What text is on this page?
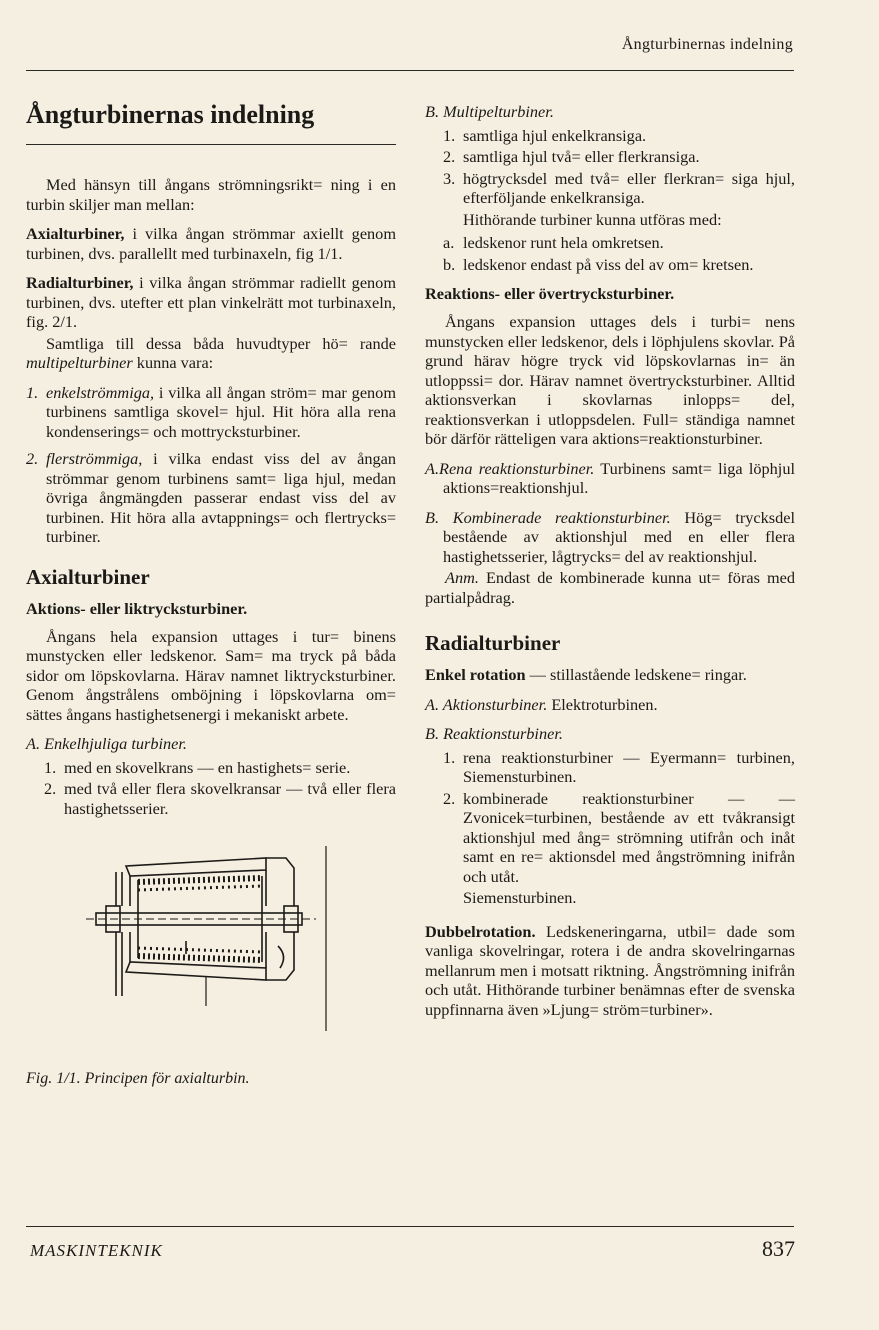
Ångturbinernas indelning
Ångturbinernas indelning

Med hänsyn till ångans strömningsrikt= ning i en turbin skiljer man mellan:

Axialturbiner, i vilka ångan strömmar axiellt genom turbinen, dvs. parallellt med turbinaxeln, fig 1/1.

Radialturbiner, i vilka ångan strömmar radiellt genom turbinen, dvs. utefter ett plan vinkelrätt mot turbinaxeln, fig. 2/1.

Samtliga till dessa båda huvudtyper hö= rande multipelturbiner kunna vara:

1. enkelströmmiga, i vilka all ångan ström= mar genom turbinens samtliga skovel= hjul. Hit höra alla rena kondenserings= och mottrycksturbiner.
2. flerströmmiga, i vilka endast viss del av ångan strömmar genom turbinens samt= liga hjul, medan övriga ångmängden passerar endast viss del av turbinen. Hit höra alla avtappnings= och flertrycks= turbiner.
Axialturbiner
Aktions- eller liktrycksturbiner.

Ångans hela expansion uttages i tur= binens munstycken eller ledskenor. Sam= ma tryck på båda sidor om löpskovlarna. Härav namnet liktrycksturbiner. Genom ångstrålens omböjning i löpskovlarna om= sättes ångans hastighetsenergi i mekaniskt arbete.

A. Enkelhjuliga turbiner.
1. med en skovelkrans — en hastighets= serie.
2. med två eller flera skovelkransar — två eller flera hastighetsserier.
Fig. 1/1. Principen för axialturbin.
B. Multipelturbiner.
1. samtliga hjul enkelkransiga.
2. samtliga hjul två= eller flerkransiga.
3. högtrycksdel med två= eller flerkran= siga hjul, efterföljande enkelkransiga.
Hithörande turbiner kunna utföras med:
a. ledskenor runt hela omkretsen.
b. ledskenor endast på viss del av om= kretsen.
Reaktions- eller övertrycksturbiner.

Ångans expansion uttages dels i turbi= nens munstycken eller ledskenor, dels i löphjulens skovlar. På grund härav högre tryck vid löpskovlarnas in= än utloppssi= dor. Härav namnet övertrycksturbiner. Alltid aktionsverkan i skovlarnas inlopps= del, reaktionsverkan i utloppsdelen. Full= ständiga namnet bör därför rätteligen vara aktions=reaktionsturbiner.

A.Rena reaktionsturbiner. Turbinens samt= liga löphjul aktions=reaktionshjul.

B. Kombinerade reaktionsturbiner. Hög= trycksdel bestående av aktionshjul med en eller flera hastighetsserier, lågtrycks= del av reaktionshjul.

Anm. Endast de kombinerade kunna ut= föras med partialpådrag.

Radialturbiner

Enkel rotation — stillastående ledskene= ringar.

A. Aktionsturbiner. Elektroturbinen.
B. Reaktionsturbiner.
1. rena reaktionsturbiner — Eyermann= turbinen, Siemensturbinen.
2. kombinerade reaktionsturbiner — — Zvonicek=turbinen, bestående av ett tvåkransigt aktionshjul med ång= strömning utifrån och inåt samt en re= aktionsdel med ångströmning inifrån och utåt.
Siemensturbinen.

Dubbelrotation. Ledskeneringarna, utbil= dade som vanliga skovelringar, rotera i de andra skovelringarnas mellanrum men i motsatt riktning. Ångströmning inifrån och utåt. Hithörande turbiner benämnas efter de svenska uppfinnarna även »Ljung= ström=turbiner».

MASKINTEKNIK	837
